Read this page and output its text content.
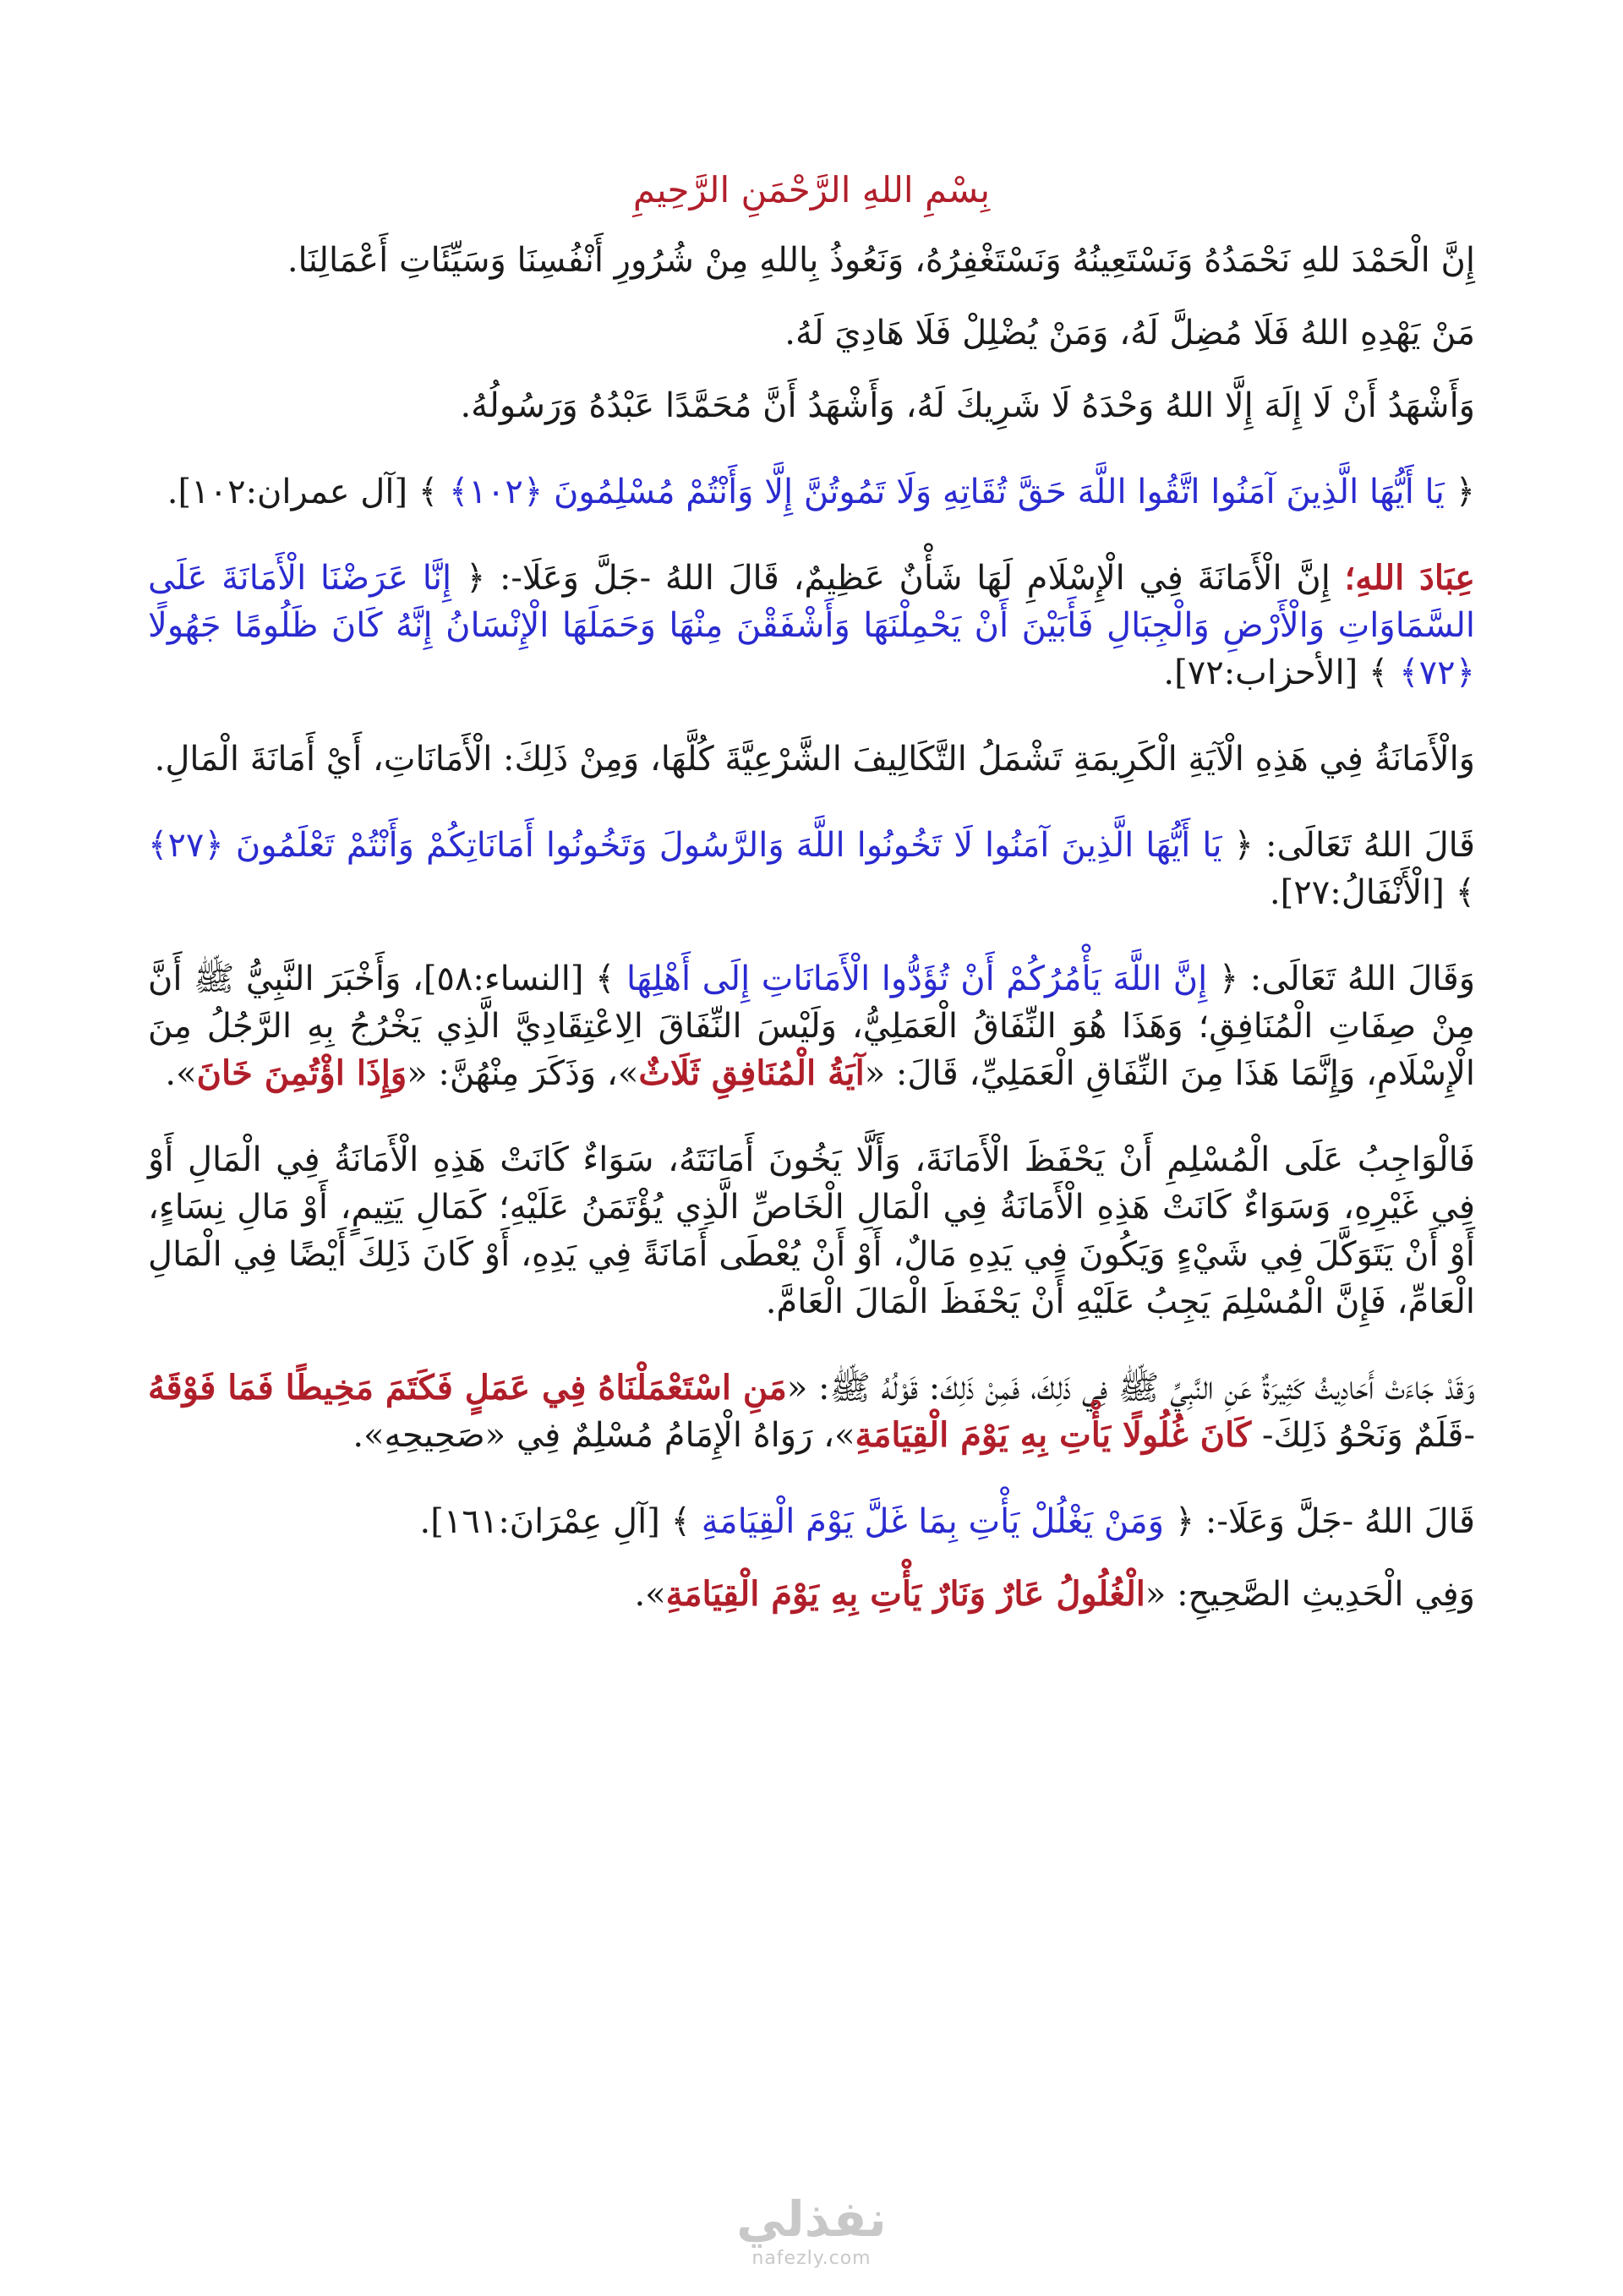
بِسْمِ اللهِ الرَّحْمَنِ الرَّحِيمِ

إِنَّ الْحَمْدَ للهِ نَحْمَدُهُ وَنَسْتَعِينُهُ وَنَسْتَغْفِرُهُ، وَنَعُوذُ بِاللهِ مِنْ شُرُورِ أَنْفُسِنَا وَسَيِّئَاتِ أَعْمَالِنَا.

مَنْ يَهْدِهِ اللهُ فَلَا مُضِلَّ لَهُ، وَمَنْ يُضْلِلْ فَلَا هَادِيَ لَهُ.

وَأَشْهَدُ أَنْ لَا إِلَهَ إِلَّا اللهُ وَحْدَهُ لَا شَرِيكَ لَهُ، وَأَشْهَدُ أَنَّ مُحَمَّدًا عَبْدُهُ وَرَسُولُهُ.

﴿ يَا أَيُّهَا الَّذِينَ آمَنُوا اتَّقُوا اللَّهَ حَقَّ تُقَاتِهِ وَلَا تَمُوتُنَّ إِلَّا وَأَنْتُمْ مُسْلِمُونَ ﴿١٠٢﴾ ﴾ [آل عمران:١٠٢].

عِبَادَ اللهِ؛ إِنَّ الْأَمَانَةَ فِي الْإِسْلَامِ لَهَا شَأْنٌ عَظِيمٌ، قَالَ اللهُ -جَلَّ وَعَلَا-: ﴿ إِنَّا عَرَضْنَا الْأَمَانَةَ عَلَى السَّمَاوَاتِ وَالْأَرْضِ وَالْجِبَالِ فَأَبَيْنَ أَنْ يَحْمِلْنَهَا وَأَشْفَقْنَ مِنْهَا وَحَمَلَهَا الْإِنْسَانُ إِنَّهُ كَانَ ظَلُومًا جَهُولًا ﴿٧٢﴾ ﴾ [الأحزاب:٧٢].

وَالْأَمَانَةُ فِي هَذِهِ الْآيَةِ الْكَرِيمَةِ تَشْمَلُ التَّكَالِيفَ الشَّرْعِيَّةَ كُلَّهَا، وَمِنْ ذَلِكَ: الْأَمَانَاتِ، أَيْ أَمَانَةَ الْمَالِ.

قَالَ اللهُ تَعَالَى: ﴿ يَا أَيُّهَا الَّذِينَ آمَنُوا لَا تَخُونُوا اللَّهَ وَالرَّسُولَ وَتَخُونُوا أَمَانَاتِكُمْ وَأَنْتُمْ تَعْلَمُونَ ﴿٢٧﴾ ﴾ [الْأَنْفَالُ:٢٧].

وَقَالَ اللهُ تَعَالَى: ﴿ إِنَّ اللَّهَ يَأْمُرُكُمْ أَنْ تُؤَدُّوا الْأَمَانَاتِ إِلَى أَهْلِهَا ﴾ [النساء:٥٨]، وَأَخْبَرَ النَّبِيُّ ﷺ أَنَّ مِنْ صِفَاتِ الْمُنَافِقِ؛ وَهَذَا هُوَ النِّفَاقُ الْعَمَلِيُّ، وَلَيْسَ النِّفَاقَ الِاعْتِقَادِيَّ الَّذِي يَخْرُجُ بِهِ الرَّجُلُ مِنَ الْإِسْلَامِ، وَإِنَّمَا هَذَا مِنَ النِّفَاقِ الْعَمَلِيِّ، قَالَ: «آيَةُ الْمُنَافِقِ ثَلَاثٌ»، وَذَكَرَ مِنْهُنَّ: «وَإِذَا اؤْتُمِنَ خَانَ».

فَالْوَاجِبُ عَلَى الْمُسْلِمِ أَنْ يَحْفَظَ الْأَمَانَةَ، وَأَلَّا يَخُونَ أَمَانَتَهُ، سَوَاءٌ كَانَتْ هَذِهِ الْأَمَانَةُ فِي الْمَالِ أَوْ فِي غَيْرِهِ، وَسَوَاءٌ كَانَتْ هَذِهِ الْأَمَانَةُ فِي الْمَالِ الْخَاصِّ الَّذِي يُؤْتَمَنُ عَلَيْهِ؛ كَمَالِ يَتِيمٍ، أَوْ مَالِ نِسَاءٍ، أَوْ أَنْ يَتَوَكَّلَ فِي شَيْءٍ وَيَكُونَ فِي يَدِهِ مَالٌ، أَوْ أَنْ يُعْطَى أَمَانَةً فِي يَدِهِ، أَوْ كَانَ ذَلِكَ أَيْضًا فِي الْمَالِ الْعَامِّ، فَإِنَّ الْمُسْلِمَ يَجِبُ عَلَيْهِ أَنْ يَحْفَظَ الْمَالَ الْعَامَّ.

وَقَدْ جَاءَتْ أَحَادِيثُ كَثِيرَةٌ عَنِ النَّبِيِّ ﷺ فِي ذَلِكَ، فَمِنْ ذَلِكَ: قَوْلُهُ ﷺ: «مَنِ اسْتَعْمَلْنَاهُ فِي عَمَلٍ فَكَتَمَ مَخِيطًا فَمَا فَوْقَهُ -قَلَمٌ وَنَحْوُ ذَلِكَ- كَانَ غُلُولًا يَأْتِ بِهِ يَوْمَ الْقِيَامَةِ»، رَوَاهُ الْإِمَامُ مُسْلِمٌ فِي «صَحِيحِهِ».

قَالَ اللهُ -جَلَّ وَعَلَا-: ﴿ وَمَنْ يَغْلُلْ يَأْتِ بِمَا غَلَّ يَوْمَ الْقِيَامَةِ ﴾ [آلِ عِمْرَانَ:١٦١].

وَفِي الْحَدِيثِ الصَّحِيحِ: «الْغُلُولُ عَارٌ وَنَارٌ يَأْتِ بِهِ يَوْمَ الْقِيَامَةِ».

نفذلي
nafezly.com
